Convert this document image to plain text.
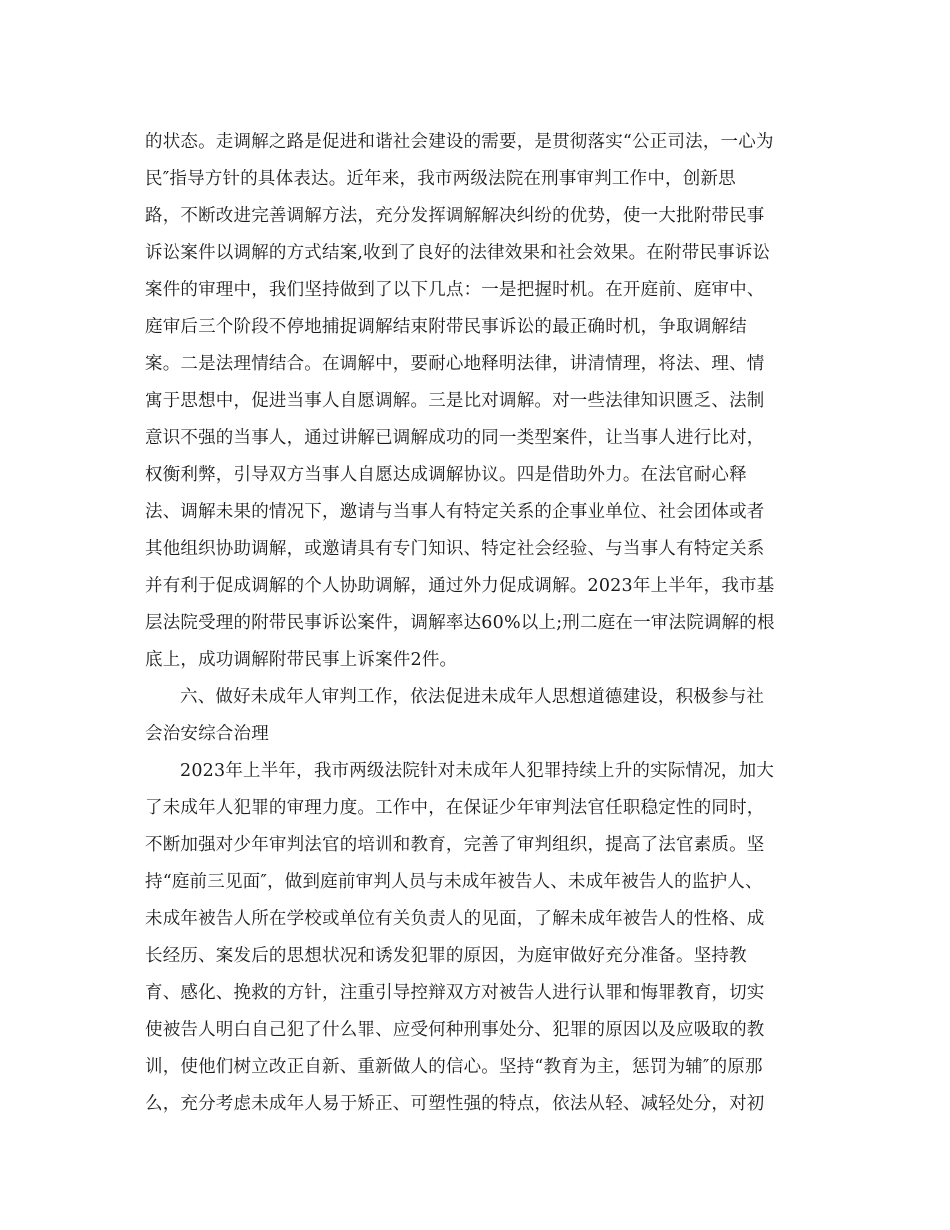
的状态。走调解之路是促进和谐社会建设的需要，是贯彻落实“公正司法，一心为
民″指导方针的具体表达。近年来，我市两级法院在刑事审判工作中，创新思
路，不断改进完善调解方法，充分发挥调解解决纠纷的优势，使一大批附带民事
诉讼案件以调解的方式结案,收到了良好的法律效果和社会效果。在附带民事诉讼
案件的审理中，我们坚持做到了以下几点：一是把握时机。在开庭前、庭审中、
庭审后三个阶段不停地捕捉调解结束附带民事诉讼的最正确时机，争取调解结
案。二是法理情结合。在调解中，要耐心地释明法律，讲清情理，将法、理、情
寓于思想中，促进当事人自愿调解。三是比对调解。对一些法律知识匮乏、法制
意识不强的当事人，通过讲解已调解成功的同一类型案件，让当事人进行比对，
权衡利弊，引导双方当事人自愿达成调解协议。四是借助外力。在法官耐心释
法、调解未果的情况下，邀请与当事人有特定关系的企事业单位、社会团体或者
其他组织协助调解，或邀请具有专门知识、特定社会经验、与当事人有特定关系
并有利于促成调解的个人协助调解，通过外力促成调解。2023年上半年，我市基
层法院受理的附带民事诉讼案件，调解率达60%以上;刑二庭在一审法院调解的根
底上，成功调解附带民事上诉案件2件。
六、做好未成年人审判工作，依法促进未成年人思想道德建设，积极参与社
会治安综合治理
2023年上半年，我市两级法院针对未成年人犯罪持续上升的实际情况，加大
了未成年人犯罪的审理力度。工作中，在保证少年审判法官任职稳定性的同时，
不断加强对少年审判法官的培训和教育，完善了审判组织，提高了法官素质。坚
持“庭前三见面″，做到庭前审判人员与未成年被告人、未成年被告人的监护人、
未成年被告人所在学校或单位有关负责人的见面，了解未成年被告人的性格、成
长经历、案发后的思想状况和诱发犯罪的原因，为庭审做好充分准备。坚持教
育、感化、挽救的方针，注重引导控辩双方对被告人进行认罪和悔罪教育，切实
使被告人明白自己犯了什么罪、应受何种刑事处分、犯罪的原因以及应吸取的教
训，使他们树立改正自新、重新做人的信心。坚持“教育为主，惩罚为辅″的原那
么，充分考虑未成年人易于矫正、可塑性强的特点，依法从轻、减轻处分，对初
